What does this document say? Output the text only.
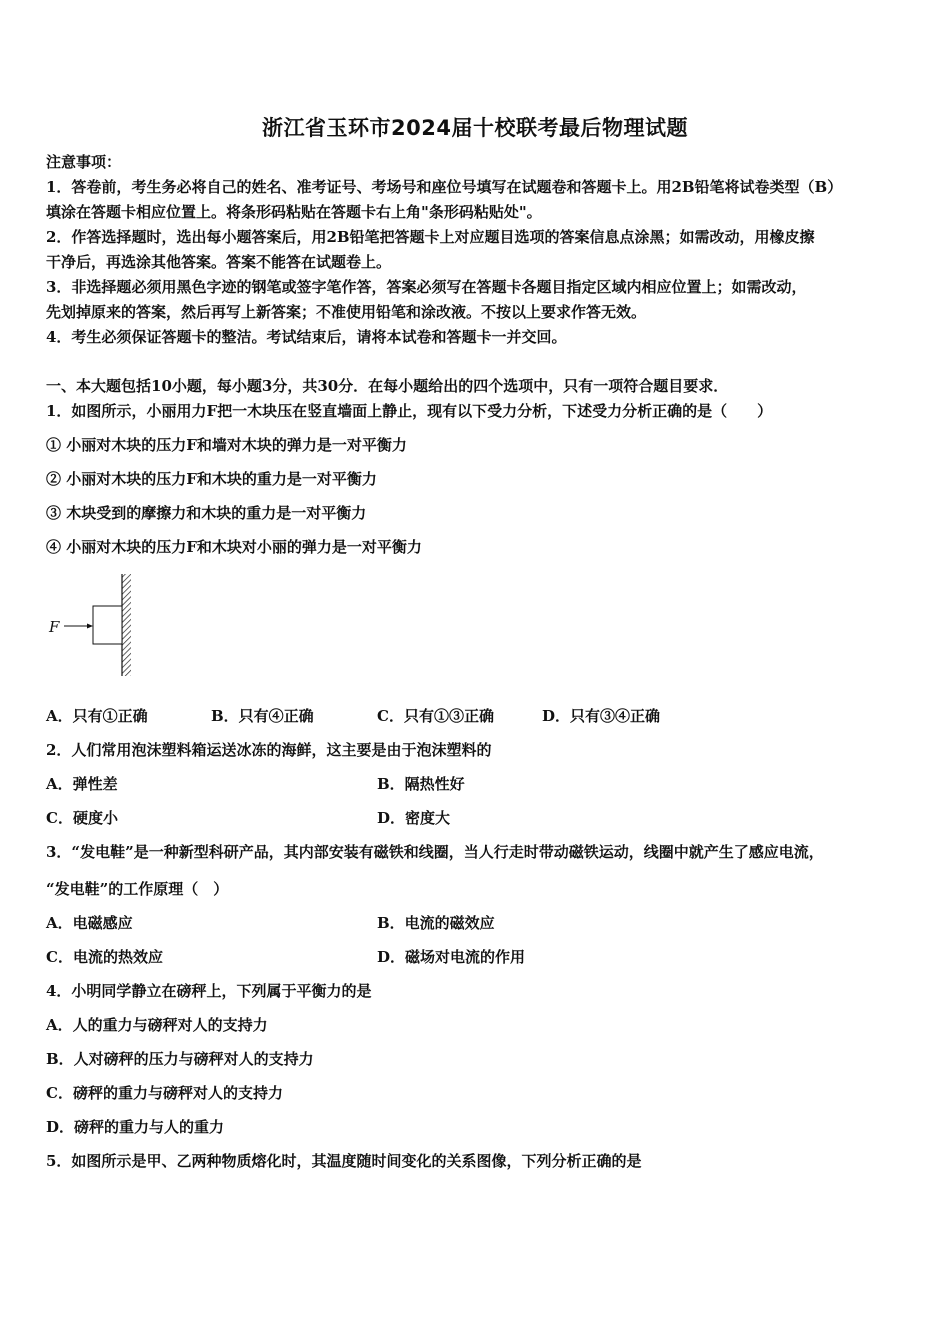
浙江省玉环市2024届十校联考最后物理试题
注意事项：
1．答卷前，考生务必将自己的姓名、准考证号、考场号和座位号填写在试题卷和答题卡上。用2B铅笔将试卷类型（B）
填涂在答题卡相应位置上。将条形码粘贴在答题卡右上角"条形码粘贴处"。
2．作答选择题时，选出每小题答案后，用2B铅笔把答题卡上对应题目选项的答案信息点涂黑；如需改动，用橡皮擦
干净后，再选涂其他答案。答案不能答在试题卷上。
3．非选择题必须用黑色字迹的钢笔或签字笔作答，答案必须写在答题卡各题目指定区域内相应位置上；如需改动，
先划掉原来的答案，然后再写上新答案；不准使用铅笔和涂改液。不按以上要求作答无效。
4．考生必须保证答题卡的整洁。考试结束后，请将本试卷和答题卡一并交回。
一、本大题包括10小题，每小题3分，共30分．在每小题给出的四个选项中，只有一项符合题目要求．
1．如图所示，小丽用力F把一木块压在竖直墙面上静止，现有以下受力分析，下述受力分析正确的是（　　）
① 小丽对木块的压力F和墙对木块的弹力是一对平衡力
② 小丽对木块的压力F和木块的重力是一对平衡力
③ 木块受到的摩擦力和木块的重力是一对平衡力
④ 小丽对木块的压力F和木块对小丽的弹力是一对平衡力
F
A．只有①正确	B．只有④正确	C．只有①③正确	D．只有③④正确
2．人们常用泡沫塑料箱运送冰冻的海鲜，这主要是由于泡沫塑料的
A．弹性差	B．隔热性好
C．硬度小	D．密度大
3．“发电鞋”是一种新型科研产品，其内部安装有磁铁和线圈，当人行走时带动磁铁运动，线圈中就产生了感应电流，
“发电鞋”的工作原理（　）
A．电磁感应	B．电流的磁效应
C．电流的热效应	D．磁场对电流的作用
4．小明同学静立在磅秤上，下列属于平衡力的是
A．人的重力与磅秤对人的支持力
B．人对磅秤的压力与磅秤对人的支持力
C．磅秤的重力与磅秤对人的支持力
D．磅秤的重力与人的重力
5．如图所示是甲、乙两种物质熔化时，其温度随时间变化的关系图像，下列分析正确的是
